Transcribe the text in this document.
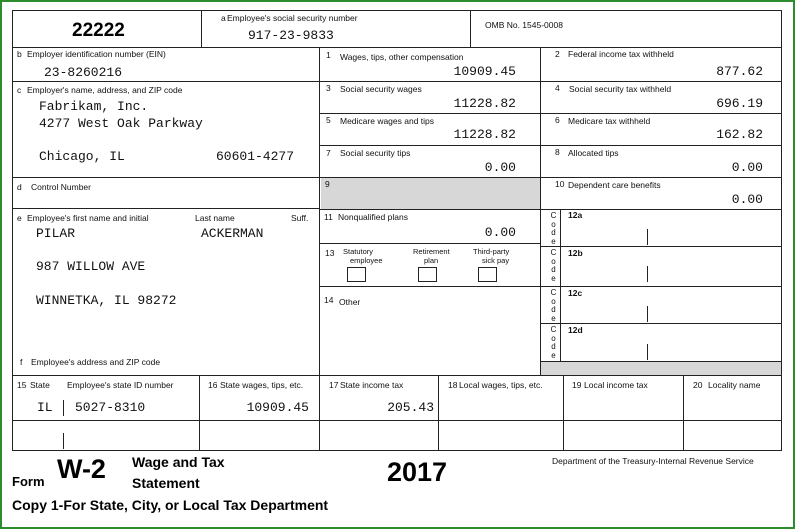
22222
a Employee's social security number
917-23-9833
OMB No. 1545-0008
b Employer identification number (EIN)
23-8260216
c Employer's name, address, and ZIP code
Fabrikam, Inc.
4277 West Oak Parkway
Chicago, IL	60601-4277
d Control Number
e Employee's first name and initial	Last name	Suff.
PILAR	ACKERMAN
987 WILLOW AVE
WINNETKA, IL 98272
f Employee's address and ZIP code
1 Wages, tips, other compensation
10909.45
3 Social security wages
11228.82
5 Medicare wages and tips
11228.82
7 Social security tips
0.00
9
11 Nonqualified plans
0.00
13 Statutory
employee
Retirement
plan
Third-party
sick pay
14 Other
2 Federal income tax withheld
877.62
4 Social security tax withheld
696.19
6 Medicare tax withheld
162.82
8 Allocated tips
0.00
10 Dependent care benefits
0.00
12a
C
o
d
e
12b
C
o
d
e
12c
C
o
d
e
12d
C
o
d
e
15 State Employee's state ID number
IL 5027-8310
16 State wages, tips, etc.
10909.45
17 State income tax
205.43
18 Local wages, tips, etc.	19 Local income tax	20 Locality name
Form W-2 Wage and Tax
Statement	2017	Department of the Treasury-Internal Revenue Service
Copy 1-For State, City, or Local Tax Department
